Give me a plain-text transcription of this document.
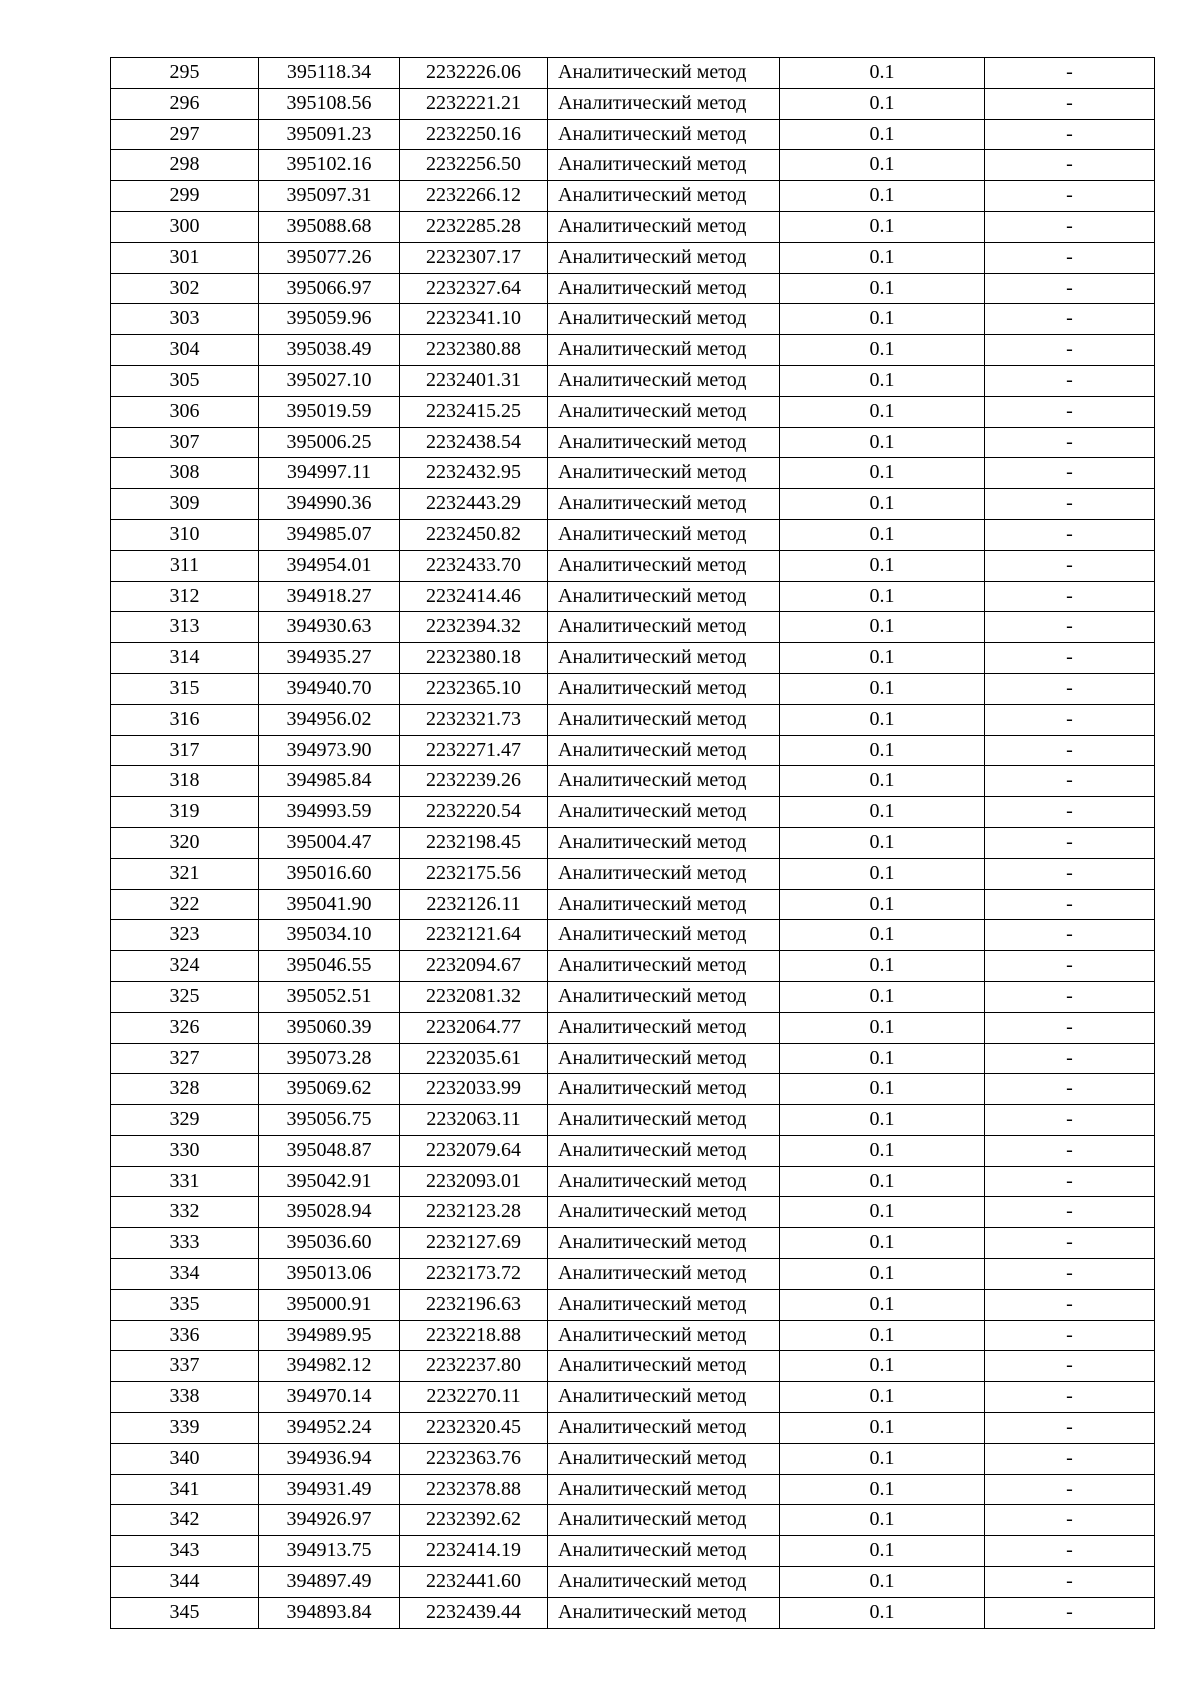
295	395118.34	2232226.06	Аналитический метод	0.1	-
296	395108.56	2232221.21	Аналитический метод	0.1	-
297	395091.23	2232250.16	Аналитический метод	0.1	-
298	395102.16	2232256.50	Аналитический метод	0.1	-
299	395097.31	2232266.12	Аналитический метод	0.1	-
300	395088.68	2232285.28	Аналитический метод	0.1	-
301	395077.26	2232307.17	Аналитический метод	0.1	-
302	395066.97	2232327.64	Аналитический метод	0.1	-
303	395059.96	2232341.10	Аналитический метод	0.1	-
304	395038.49	2232380.88	Аналитический метод	0.1	-
305	395027.10	2232401.31	Аналитический метод	0.1	-
306	395019.59	2232415.25	Аналитический метод	0.1	-
307	395006.25	2232438.54	Аналитический метод	0.1	-
308	394997.11	2232432.95	Аналитический метод	0.1	-
309	394990.36	2232443.29	Аналитический метод	0.1	-
310	394985.07	2232450.82	Аналитический метод	0.1	-
311	394954.01	2232433.70	Аналитический метод	0.1	-
312	394918.27	2232414.46	Аналитический метод	0.1	-
313	394930.63	2232394.32	Аналитический метод	0.1	-
314	394935.27	2232380.18	Аналитический метод	0.1	-
315	394940.70	2232365.10	Аналитический метод	0.1	-
316	394956.02	2232321.73	Аналитический метод	0.1	-
317	394973.90	2232271.47	Аналитический метод	0.1	-
318	394985.84	2232239.26	Аналитический метод	0.1	-
319	394993.59	2232220.54	Аналитический метод	0.1	-
320	395004.47	2232198.45	Аналитический метод	0.1	-
321	395016.60	2232175.56	Аналитический метод	0.1	-
322	395041.90	2232126.11	Аналитический метод	0.1	-
323	395034.10	2232121.64	Аналитический метод	0.1	-
324	395046.55	2232094.67	Аналитический метод	0.1	-
325	395052.51	2232081.32	Аналитический метод	0.1	-
326	395060.39	2232064.77	Аналитический метод	0.1	-
327	395073.28	2232035.61	Аналитический метод	0.1	-
328	395069.62	2232033.99	Аналитический метод	0.1	-
329	395056.75	2232063.11	Аналитический метод	0.1	-
330	395048.87	2232079.64	Аналитический метод	0.1	-
331	395042.91	2232093.01	Аналитический метод	0.1	-
332	395028.94	2232123.28	Аналитический метод	0.1	-
333	395036.60	2232127.69	Аналитический метод	0.1	-
334	395013.06	2232173.72	Аналитический метод	0.1	-
335	395000.91	2232196.63	Аналитический метод	0.1	-
336	394989.95	2232218.88	Аналитический метод	0.1	-
337	394982.12	2232237.80	Аналитический метод	0.1	-
338	394970.14	2232270.11	Аналитический метод	0.1	-
339	394952.24	2232320.45	Аналитический метод	0.1	-
340	394936.94	2232363.76	Аналитический метод	0.1	-
341	394931.49	2232378.88	Аналитический метод	0.1	-
342	394926.97	2232392.62	Аналитический метод	0.1	-
343	394913.75	2232414.19	Аналитический метод	0.1	-
344	394897.49	2232441.60	Аналитический метод	0.1	-
345	394893.84	2232439.44	Аналитический метод	0.1	-
